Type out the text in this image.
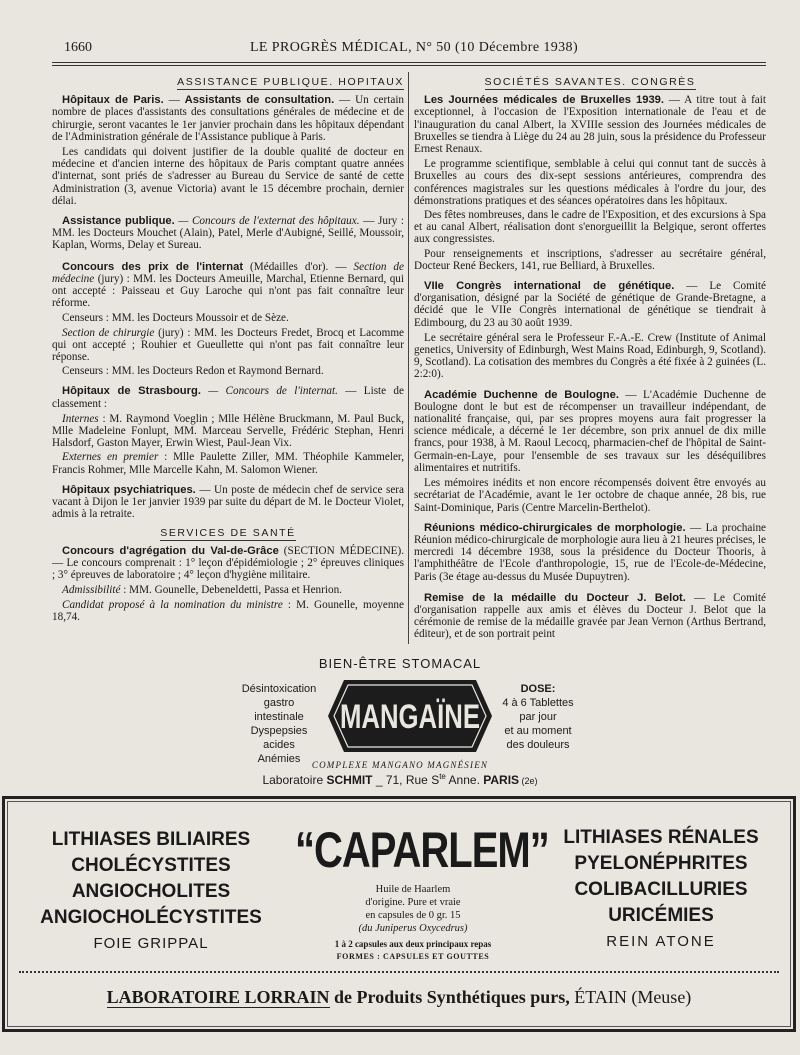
1660	LE PROGRÈS MÉDICAL, N° 50 (10 Décembre 1938)
ASSISTANCE PUBLIQUE. HOPITAUX

Hôpitaux de Paris. — Assistants de consultation. — Un certain nombre de places d'assistants des consultations générales de médecine et de chirurgie, seront vacantes le 1er janvier prochain dans les hôpitaux dépendant de l'Administration générale de l'Assistance publique à Paris.

Les candidats qui doivent justifier de la double qualité de docteur en médecine et d'ancien interne des hôpitaux de Paris comptant quatre années d'internat, sont priés de s'adresser au Bureau du Service de santé de cette Administration (3, avenue Victoria) avant le 15 décembre prochain, dernier délai.

Assistance publique. — Concours de l'externat des hôpitaux. — Jury : MM. les Docteurs Mouchet (Alain), Patel, Merle d'Aubigné, Seillé, Moussoir, Kaplan, Worms, Delay et Sureau.

Concours des prix de l'internat (Médailles d'or). — Section de médecine (jury) : MM. les Docteurs Ameuille, Marchal, Etienne Bernard, qui ont accepté : Paisseau et Guy Laroche qui n'ont pas fait connaître leur réforme.

Censeurs : MM. les Docteurs Moussoir et de Sèze.

Section de chirurgie (jury) : MM. les Docteurs Fredet, Brocq et Lacomme qui ont accepté ; Rouhier et Gueullette qui n'ont pas fait connaître leur réponse.

Censeurs : MM. les Docteurs Redon et Raymond Bernard.

Hôpitaux de Strasbourg. — Concours de l'internat. — Liste de classement :

Internes : M. Raymond Voeglin ; Mlle Hélène Bruckmann, M. Paul Buck, Mlle Madeleine Fonlupt, MM. Marceau Servelle, Frédéric Stephan, Henri Halsdorf, Gaston Mayer, Erwin Wiest, Paul-Jean Vix.

Externes en premier : Mlle Paulette Ziller, MM. Théophile Kammeler, Francis Rohmer, Mlle Marcelle Kahn, M. Salomon Wiener.

Hôpitaux psychiatriques. — Un poste de médecin chef de service sera vacant à Dijon le 1er janvier 1939 par suite du départ de M. le Docteur Violet, admis à la retraite.

SERVICES DE SANTÉ

Concours d'agrégation du Val-de-Grâce (SECTION MÉDECINE). — Le concours comprenait : 1° leçon d'épidémiologie ; 2° épreuves cliniques ; 3° épreuves de laboratoire ; 4° leçon d'hygiène militaire.

Admissibilité : MM. Gounelle, Debeneldetti, Passa et Henrion.

Candidat proposé à la nomination du ministre : M. Gounelle, moyenne 18,74.

SOCIÉTÉS SAVANTES. CONGRÈS

Les Journées médicales de Bruxelles 1939. — A titre tout à fait exceptionnel, à l'occasion de l'Exposition internationale de l'eau et de l'inauguration du canal Albert, la XVIIIe session des Journées médicales de Bruxelles se tiendra à Liège du 24 au 28 juin, sous la présidence du Professeur Ernest Renaux.

Le programme scientifique, semblable à celui qui connut tant de succès à Bruxelles au cours des dix-sept sessions antérieures, comprendra des conférences magistrales sur les questions médicales à l'ordre du jour, des démonstrations pratiques et des séances opératoires dans les hôpitaux.

Des fêtes nombreuses, dans le cadre de l'Exposition, et des excursions à Spa et au canal Albert, réalisation dont s'enorgueillit la Belgique, seront offertes aux congressistes.

Pour renseignements et inscriptions, s'adresser au secrétaire général, Docteur René Beckers, 141, rue Belliard, à Bruxelles.

VIIe Congrès international de génétique. — Le Comité d'organisation, désigné par la Société de génétique de Grande-Bretagne, a décidé que le VIIe Congrès international de génétique se tiendrait à Edimbourg, du 23 au 30 août 1939.

Le secrétaire général sera le Professeur F.-A.-E. Crew (Institute of Animal genetics, University of Edinburgh, West Mains Road, Edinburgh, 9, Scotland). 9, Scotland). La cotisation des membres du Congrès a été fixée à 2 guinées (L. 2:2:0).

Académie Duchenne de Boulogne. — L'Académie Duchenne de Boulogne dont le but est de récompenser un travailleur indépendant, de nationalité française, qui, par ses propres moyens aura fait progresser la science médicale, a décerné le 1er décembre, son prix annuel de dix mille francs, pour 1938, à M. Raoul Lecocq, pharmacien-chef de l'hôpital de Saint-Germain-en-Laye, pour l'ensemble de ses travaux sur les déséquilibres alimentaires et nutritifs.

Les mémoires inédits et non encore récompensés doivent être envoyés au secrétariat de l'Académie, avant le 1er octobre de chaque année, 28 bis, rue Saint-Dominique, Paris (Centre Marcelin-Berthelot).

Réunions médico-chirurgicales de morphologie. — La prochaine Réunion médico-chirurgicale de morphologie aura lieu à 21 heures précises, le mercredi 14 décembre 1938, sous la présidence du Docteur Thooris, à l'amphithéâtre de l'Ecole d'anthropologie, 15, rue de l'Ecole-de-Médecine, Paris (3e étage au-dessus du Musée Dupuytren).

Remise de la médaille du Docteur J. Belot. — Le Comité d'organisation rappelle aux amis et élèves du Docteur J. Belot que la cérémonie de remise de la médaille gravée par Jean Vernon (Arthus Bertrand, éditeur), et de son portrait peint

BIEN-ÊTRE STOMACAL
Désintoxication
gastro intestinale
Dyspepsies acides
Anémies
MANGAÏNE
DOSE:
4 à 6 Tablettes
par jour
et au moment
des douleurs
COMPLEXE MANGANO MAGNÉSIEN
Laboratoire SCHMIT _ 71, Rue $S^{te}$ Anne. PARIS (2e)
LITHIASES BILIAIRES
CHOLÉCYSTITES
ANGIOCHOLITES
ANGIOCHOLÉCYSTITES
FOIE GRIPPAL
“CAPARLEM”
Huile de Haarlem
d'origine. Pure et vraie
en capsules de 0 gr. 15
(du Juniperus Oxycedrus)
1 à 2 capsules aux deux principaux repas
FORMES : CAPSULES ET GOUTTES
LITHIASES RÉNALES
PYELONÉPHRITES
COLIBACILLURIES
URICÉMIES
REIN ATONE
LABORATOIRE LORRAIN de Produits Synthétiques purs, ÉTAIN (Meuse)
